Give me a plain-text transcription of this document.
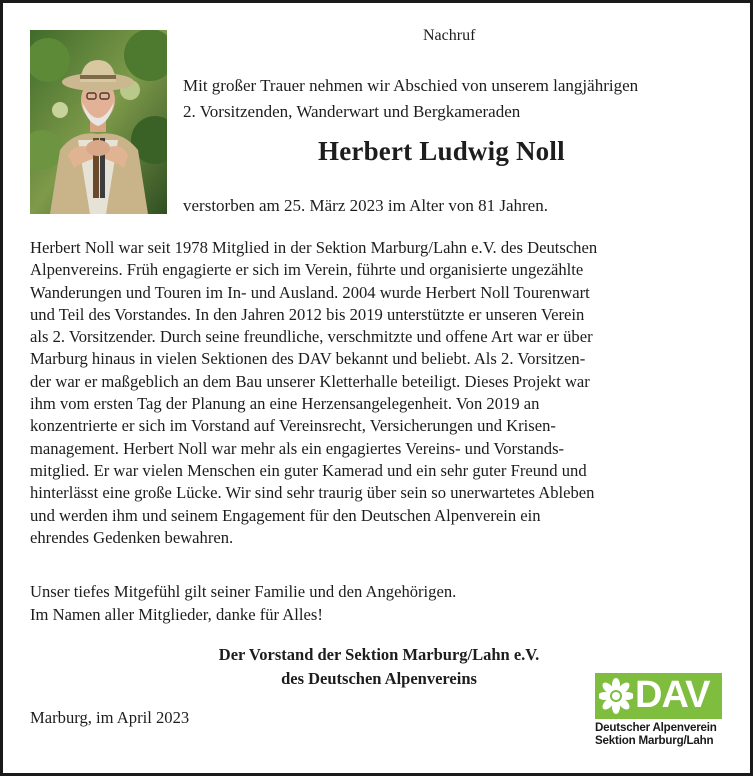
Nachruf
Mit großer Trauer nehmen wir Abschied von unserem langjährigen
2. Vorsitzenden, Wanderwart und Bergkameraden
Herbert Ludwig Noll
verstorben am 25. März 2023 im Alter von 81 Jahren.
Herbert Noll war seit 1978 Mitglied in der Sektion Marburg/Lahn e.V. des Deutschen
Alpenvereins. Früh engagierte er sich im Verein, führte und organisierte ungezählte
Wanderungen und Touren im In- und Ausland. 2004 wurde Herbert Noll Tourenwart
und Teil des Vorstandes. In den Jahren 2012 bis 2019 unterstützte er unseren Verein
als 2. Vorsitzender. Durch seine freundliche, verschmitzte und offene Art war er über
Marburg hinaus in vielen Sektionen des DAV bekannt und beliebt. Als 2. Vorsitzen-
der war er maßgeblich an dem Bau unserer Kletterhalle beteiligt. Dieses Projekt war
ihm vom ersten Tag der Planung an eine Herzensangelegenheit. Von 2019 an
konzentrierte er sich im Vorstand auf Vereinsrecht, Versicherungen und Krisen-
management. Herbert Noll war mehr als ein engagiertes Vereins- und Vorstands-
mitglied. Er war vielen Menschen ein guter Kamerad und ein sehr guter Freund und
hinterlässt eine große Lücke. Wir sind sehr traurig über sein so unerwartetes Ableben
und werden ihm und seinem Engagement für den Deutschen Alpenverein ein
ehrendes Gedenken bewahren.
Unser tiefes Mitgefühl gilt seiner Familie und den Angehörigen.
Im Namen aller Mitglieder, danke für Alles!
Der Vorstand der Sektion Marburg/Lahn e.V.
des Deutschen Alpenvereins
Marburg, im April 2023
DAV
Deutscher Alpenverein
Sektion Marburg/Lahn
